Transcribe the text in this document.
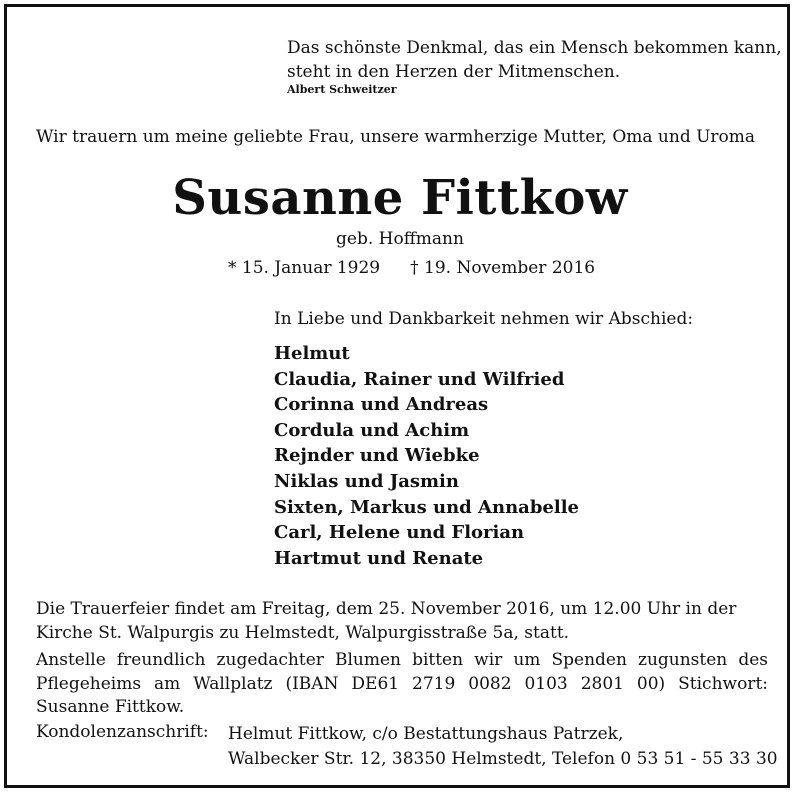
Das schönste Denkmal, das ein Mensch bekommen kann,
steht in den Herzen der Mitmenschen.
Albert Schweitzer
Wir trauern um meine geliebte Frau, unsere warmherzige Mutter, Oma und Uroma
Susanne Fittkow
geb. Hoffmann
* 15. Januar 1929 † 19. November 2016
In Liebe und Dankbarkeit nehmen wir Abschied:
Helmut
Claudia, Rainer und Wilfried
Corinna und Andreas
Cordula und Achim
Rejnder und Wiebke
Niklas und Jasmin
Sixten, Markus und Annabelle
Carl, Helene und Florian
Hartmut und Renate
Die Trauerfeier findet am Freitag, dem 25. November 2016, um 12.00 Uhr in der Kirche St. Walpurgis zu Helmstedt, Walpurgisstraße 5a, statt.
Anstelle freundlich zugedachter Blumen bitten wir um Spenden zugunsten des Pflegeheims am Wallplatz (IBAN DE61 2719 0082 0103 2801 00) Stichwort: Susanne Fittkow.
Kondolenzanschrift: Helmut Fittkow, c/o Bestattungshaus Patrzek,
Walbecker Str. 12, 38350 Helmstedt, Telefon 0 53 51 - 55 33 30
